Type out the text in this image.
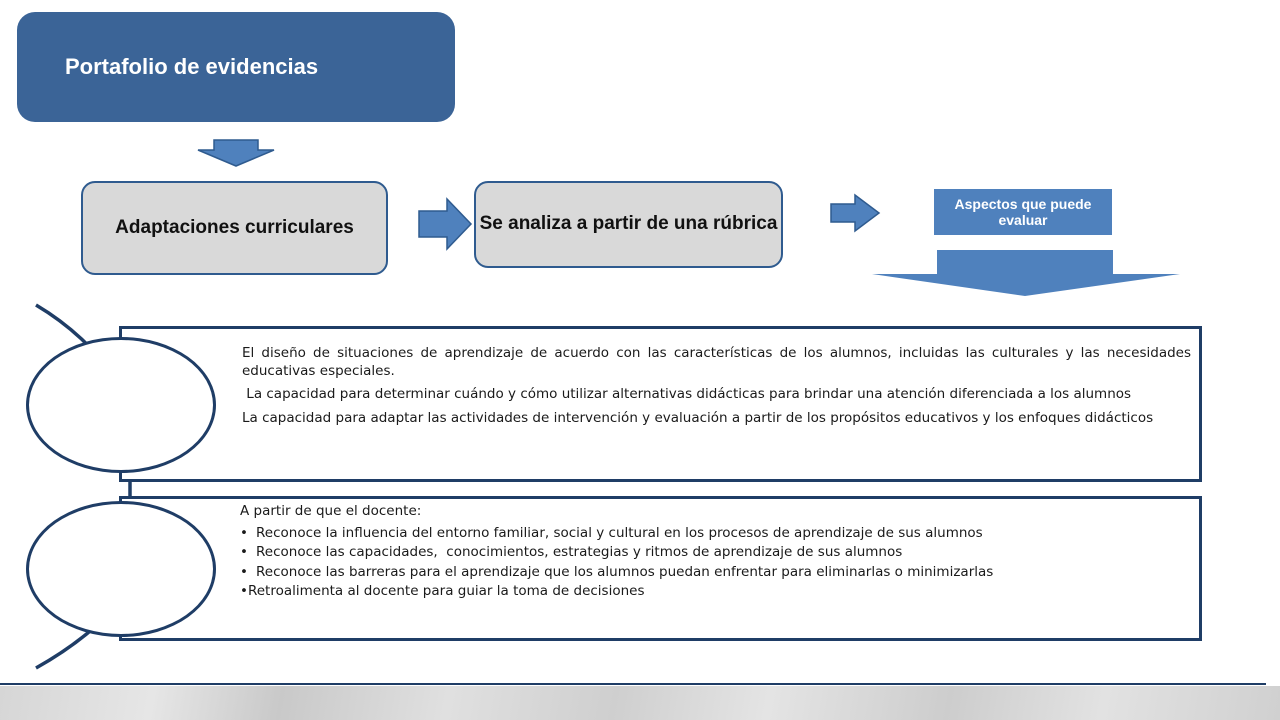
Portafolio de evidencias
Adaptaciones curriculares	Se analiza a partir de una rúbrica
Aspectos que puede evaluar

El diseño de situaciones de aprendizaje de acuerdo con las características de los alumnos, incluidas las culturales y las necesidades educativas especiales.

La capacidad para determinar cuándo y cómo utilizar alternativas didácticas para brindar una atención diferenciada a los alumnos

La capacidad para adaptar las actividades de intervención y evaluación a partir de los propósitos educativos y los enfoques didácticos

A partir de que el docente:
• Reconoce la influencia del entorno familiar, social y cultural en los procesos de aprendizaje de sus alumnos
• Reconoce las capacidades,  conocimientos, estrategias y ritmos de aprendizaje de sus alumnos
• Reconoce las barreras para el aprendizaje que los alumnos puedan enfrentar para eliminarlas o minimizarlas
•Retroalimenta al docente para guiar la toma de decisiones
